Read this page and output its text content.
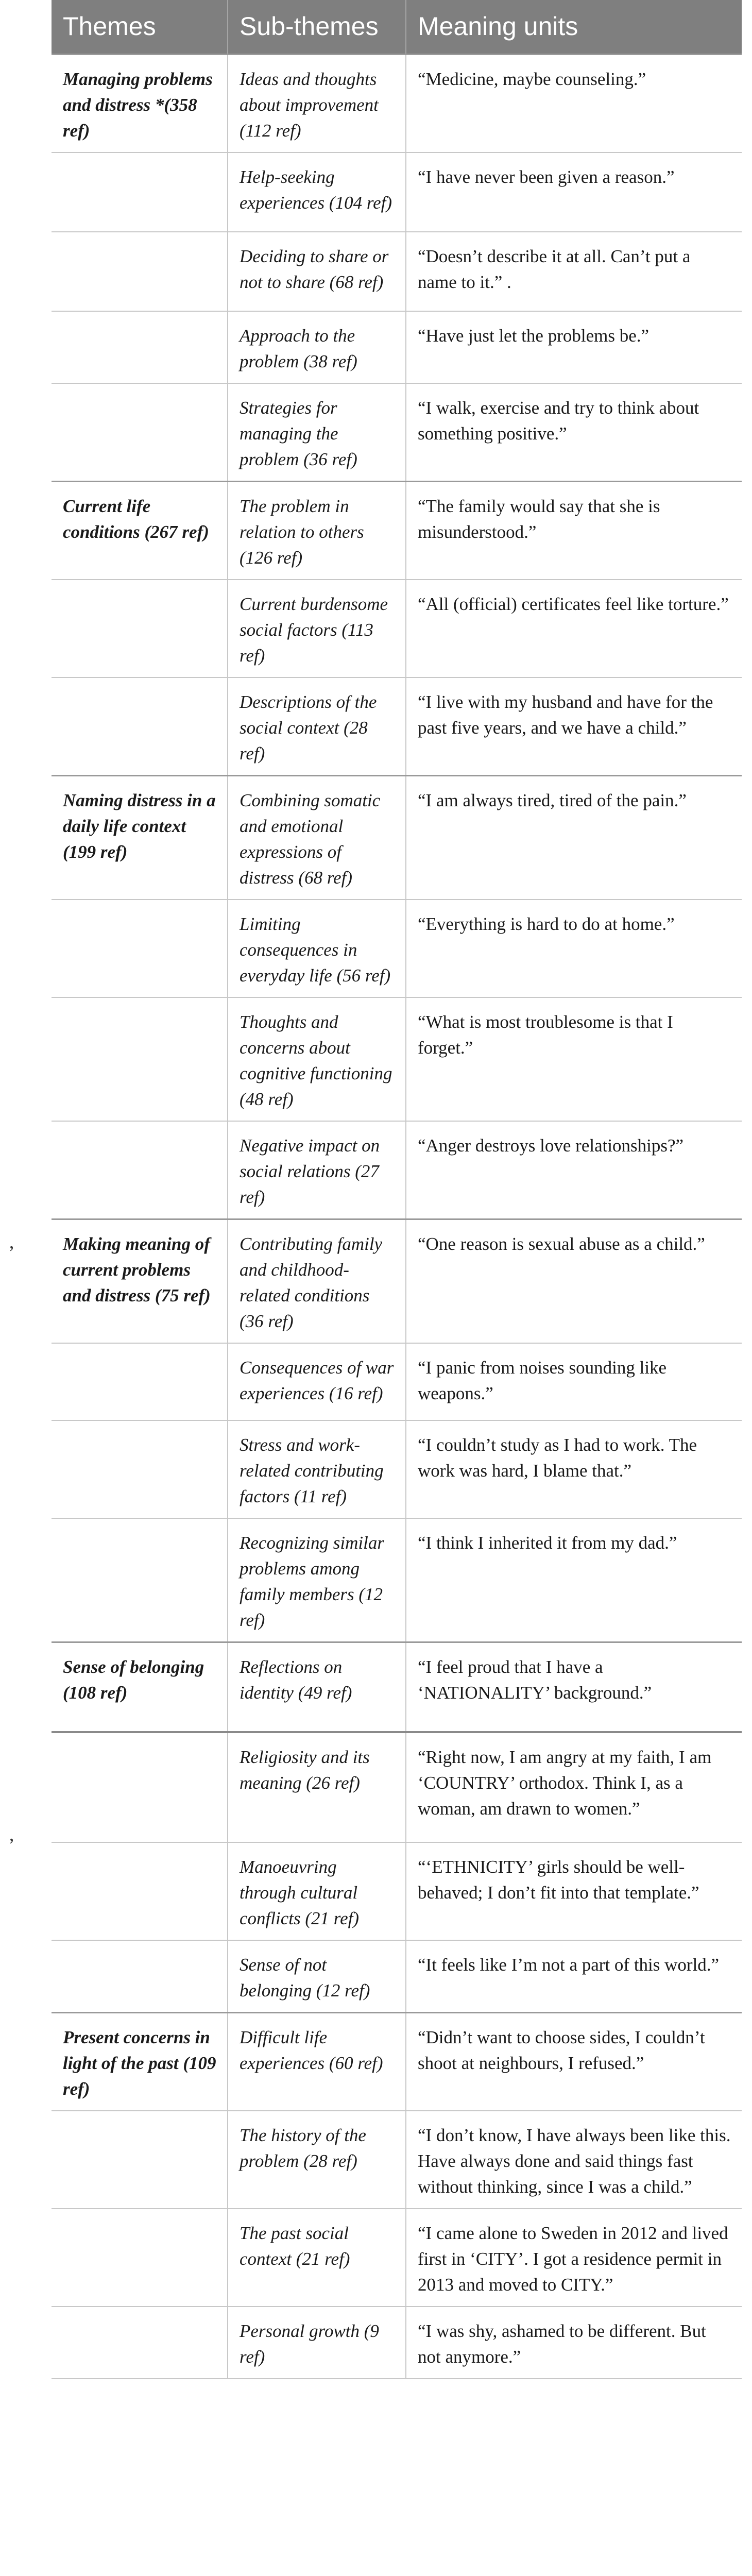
’
’
Themes	Sub-themes	Meaning units
Managing problems and distress *(358 ref)	Ideas and thoughts about improvement (112 ref)	“Medicine, maybe counseling.”
	Help-seeking experiences (104 ref)	“I have never been given a reason.”
	Deciding to share or not to share (68 ref)	“Doesn’t describe it at all. Can’t put a name to it.” .
	Approach to the problem (38 ref)	“Have just let the problems be.”
	Strategies for managing the problem (36 ref)	“I walk, exercise and try to think about something positive.”
Current life conditions (267 ref)	The problem in relation to others (126 ref)	“The family would say that she is misunderstood.”
	Current burdensome social factors (113 ref)	“All (official) certificates feel like torture.”
	Descriptions of the social context (28 ref)	“I live with my husband and have for the past five years, and we have a child.”
Naming distress in a daily life context (199 ref)	Combining somatic and emotional expressions of distress (68 ref)	“I am always tired, tired of the pain.”
	Limiting consequences in everyday life (56 ref)	“Everything is hard to do at home.”
	Thoughts and concerns about cognitive functioning (48 ref)	“What is most troublesome is that I forget.”
	Negative impact on social relations (27 ref)	“Anger destroys love relationships?”
Making meaning of current problems and distress (75 ref)	Contributing family and childhood-related conditions (36 ref)	“One reason is sexual abuse as a child.”
	Consequences of war experiences (16 ref)	“I panic from noises sounding like weapons.”
	Stress and work-related contributing factors (11 ref)	“I couldn’t study as I had to work. The work was hard, I blame that.”
	Recognizing similar problems among family members (12 ref)	“I think I inherited it from my dad.”
Sense of belonging (108 ref)	Reflections on identity (49 ref)	“I feel proud that I have a ‘NATIONALITY’ background.”
	Religiosity and its meaning (26 ref)	“Right now, I am angry at my faith, I am ‘COUNTRY’ orthodox. Think I, as a woman, am drawn to women.”
	Manoeuvring through cultural conflicts (21 ref)	“‘ETHNICITY’ girls should be well-behaved; I don’t fit into that template.”
	Sense of not belonging (12 ref)	“It feels like I’m not a part of this world.”
Present concerns in light of the past (109 ref)	Difficult life experiences (60 ref)	“Didn’t want to choose sides, I couldn’t shoot at neighbours, I refused.”
	The history of the problem (28 ref)	“I don’t know, I have always been like this. Have always done and said things fast without thinking, since I was a child.”
	The past social context (21 ref)	“I came alone to Sweden in 2012 and lived first in ‘CITY’. I got a residence permit in 2013 and moved to CITY.”
	Personal growth (9 ref)	“I was shy, ashamed to be different. But not anymore.”
